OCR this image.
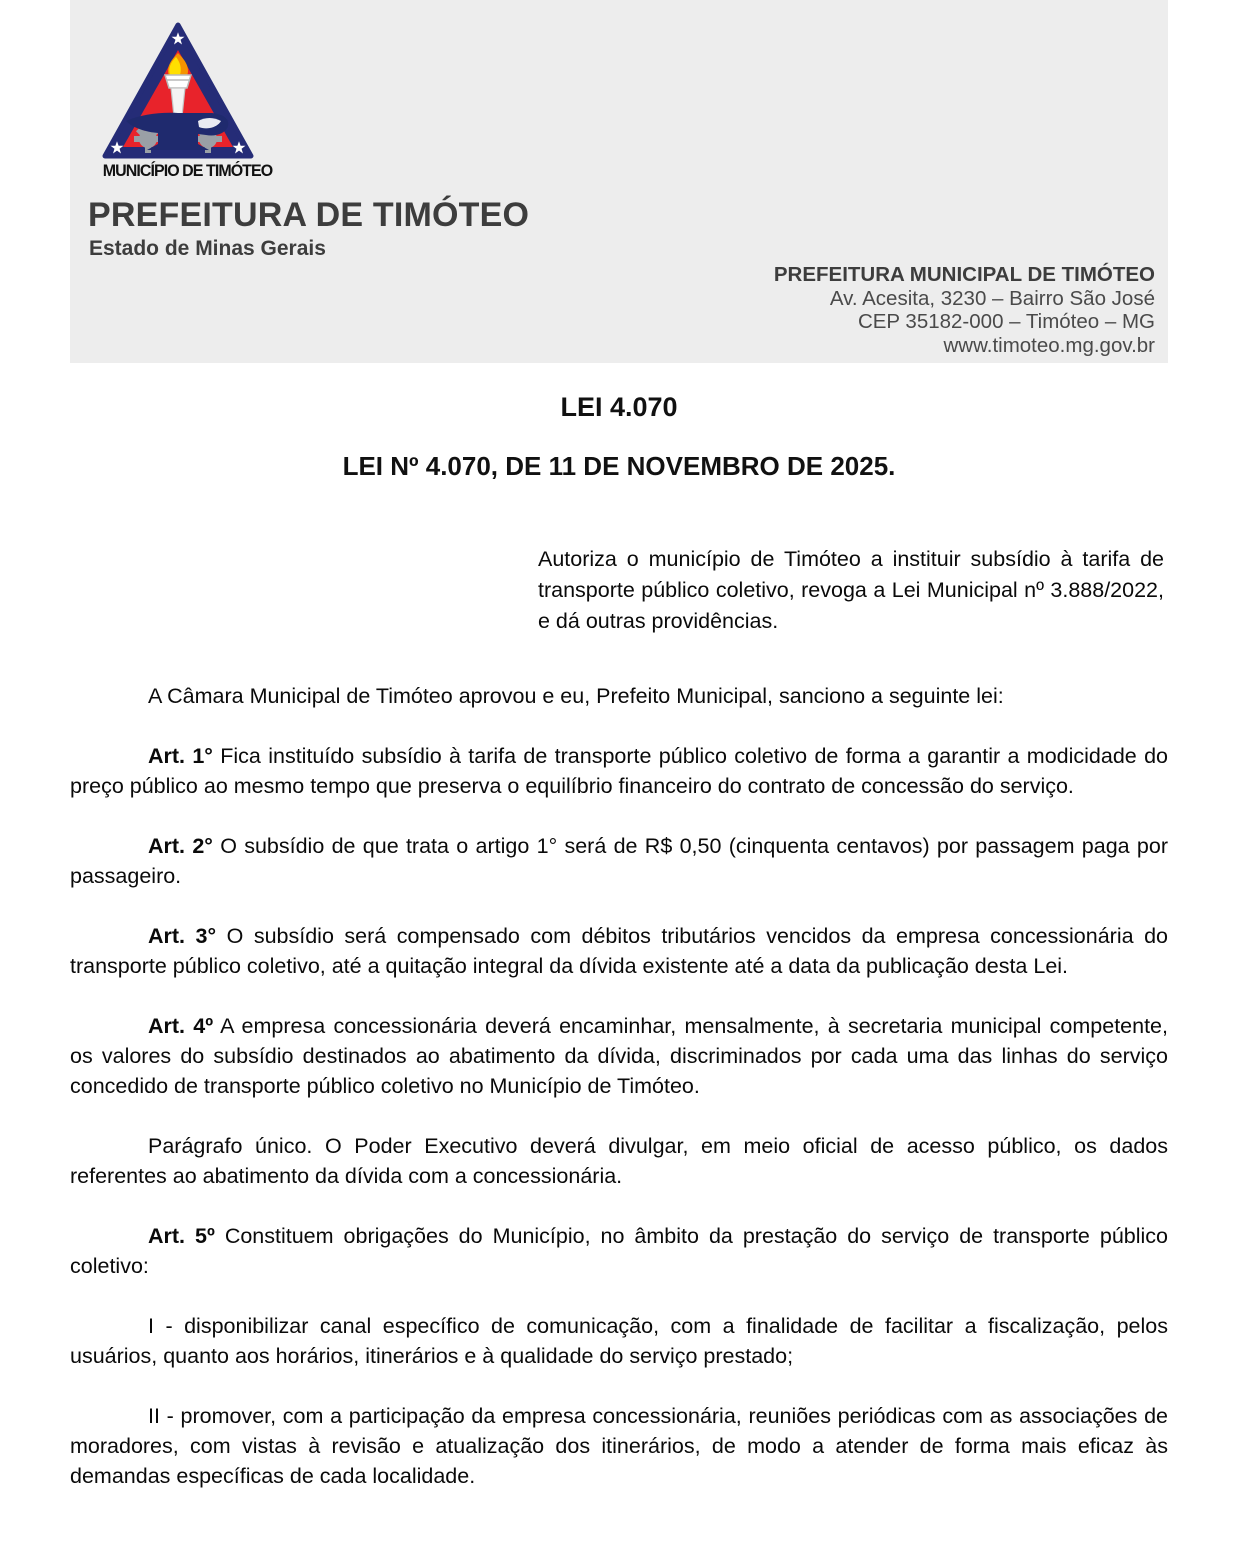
MUNICÍPIO DE TIMÓTEO
PREFEITURA DE TIMÓTEO
Estado de Minas Gerais
PREFEITURA MUNICIPAL DE TIMÓTEO
Av. Acesita, 3230 – Bairro São José
CEP 35182-000 – Timóteo – MG
www.timoteo.mg.gov.br
LEI 4.070
LEI Nº 4.070, DE 11 DE NOVEMBRO DE 2025.

Autoriza o município de Timóteo a instituir subsídio à tarifa de transporte público coletivo, revoga a Lei Municipal nº 3.888/2022, e dá outras providências.

A Câmara Municipal de Timóteo aprovou e eu, Prefeito Municipal, sanciono a seguinte lei:

Art. 1° Fica instituído subsídio à tarifa de transporte público coletivo de forma a garantir a modicidade do preço público ao mesmo tempo que preserva o equilíbrio financeiro do contrato de concessão do serviço.

Art. 2° O subsídio de que trata o artigo 1° será de R$ 0,50 (cinquenta centavos) por passagem paga por passageiro.

Art. 3° O subsídio será compensado com débitos tributários vencidos da empresa concessionária do transporte público coletivo, até a quitação integral da dívida existente até a data da publicação desta Lei.

Art. 4º A empresa concessionária deverá encaminhar, mensalmente, à secretaria municipal competente, os valores do subsídio destinados ao abatimento da dívida, discriminados por cada uma das linhas do serviço concedido de transporte público coletivo no Município de Timóteo.

Parágrafo único. O Poder Executivo deverá divulgar, em meio oficial de acesso público, os dados referentes ao abatimento da dívida com a concessionária.

Art. 5º Constituem obrigações do Município, no âmbito da prestação do serviço de transporte público coletivo:

I - disponibilizar canal específico de comunicação, com a finalidade de facilitar a fiscalização, pelos usuários, quanto aos horários, itinerários e à qualidade do serviço prestado;

II - promover, com a participação da empresa concessionária, reuniões periódicas com as associações de moradores, com vistas à revisão e atualização dos itinerários, de modo a atender de forma mais eficaz às demandas específicas de cada localidade.
